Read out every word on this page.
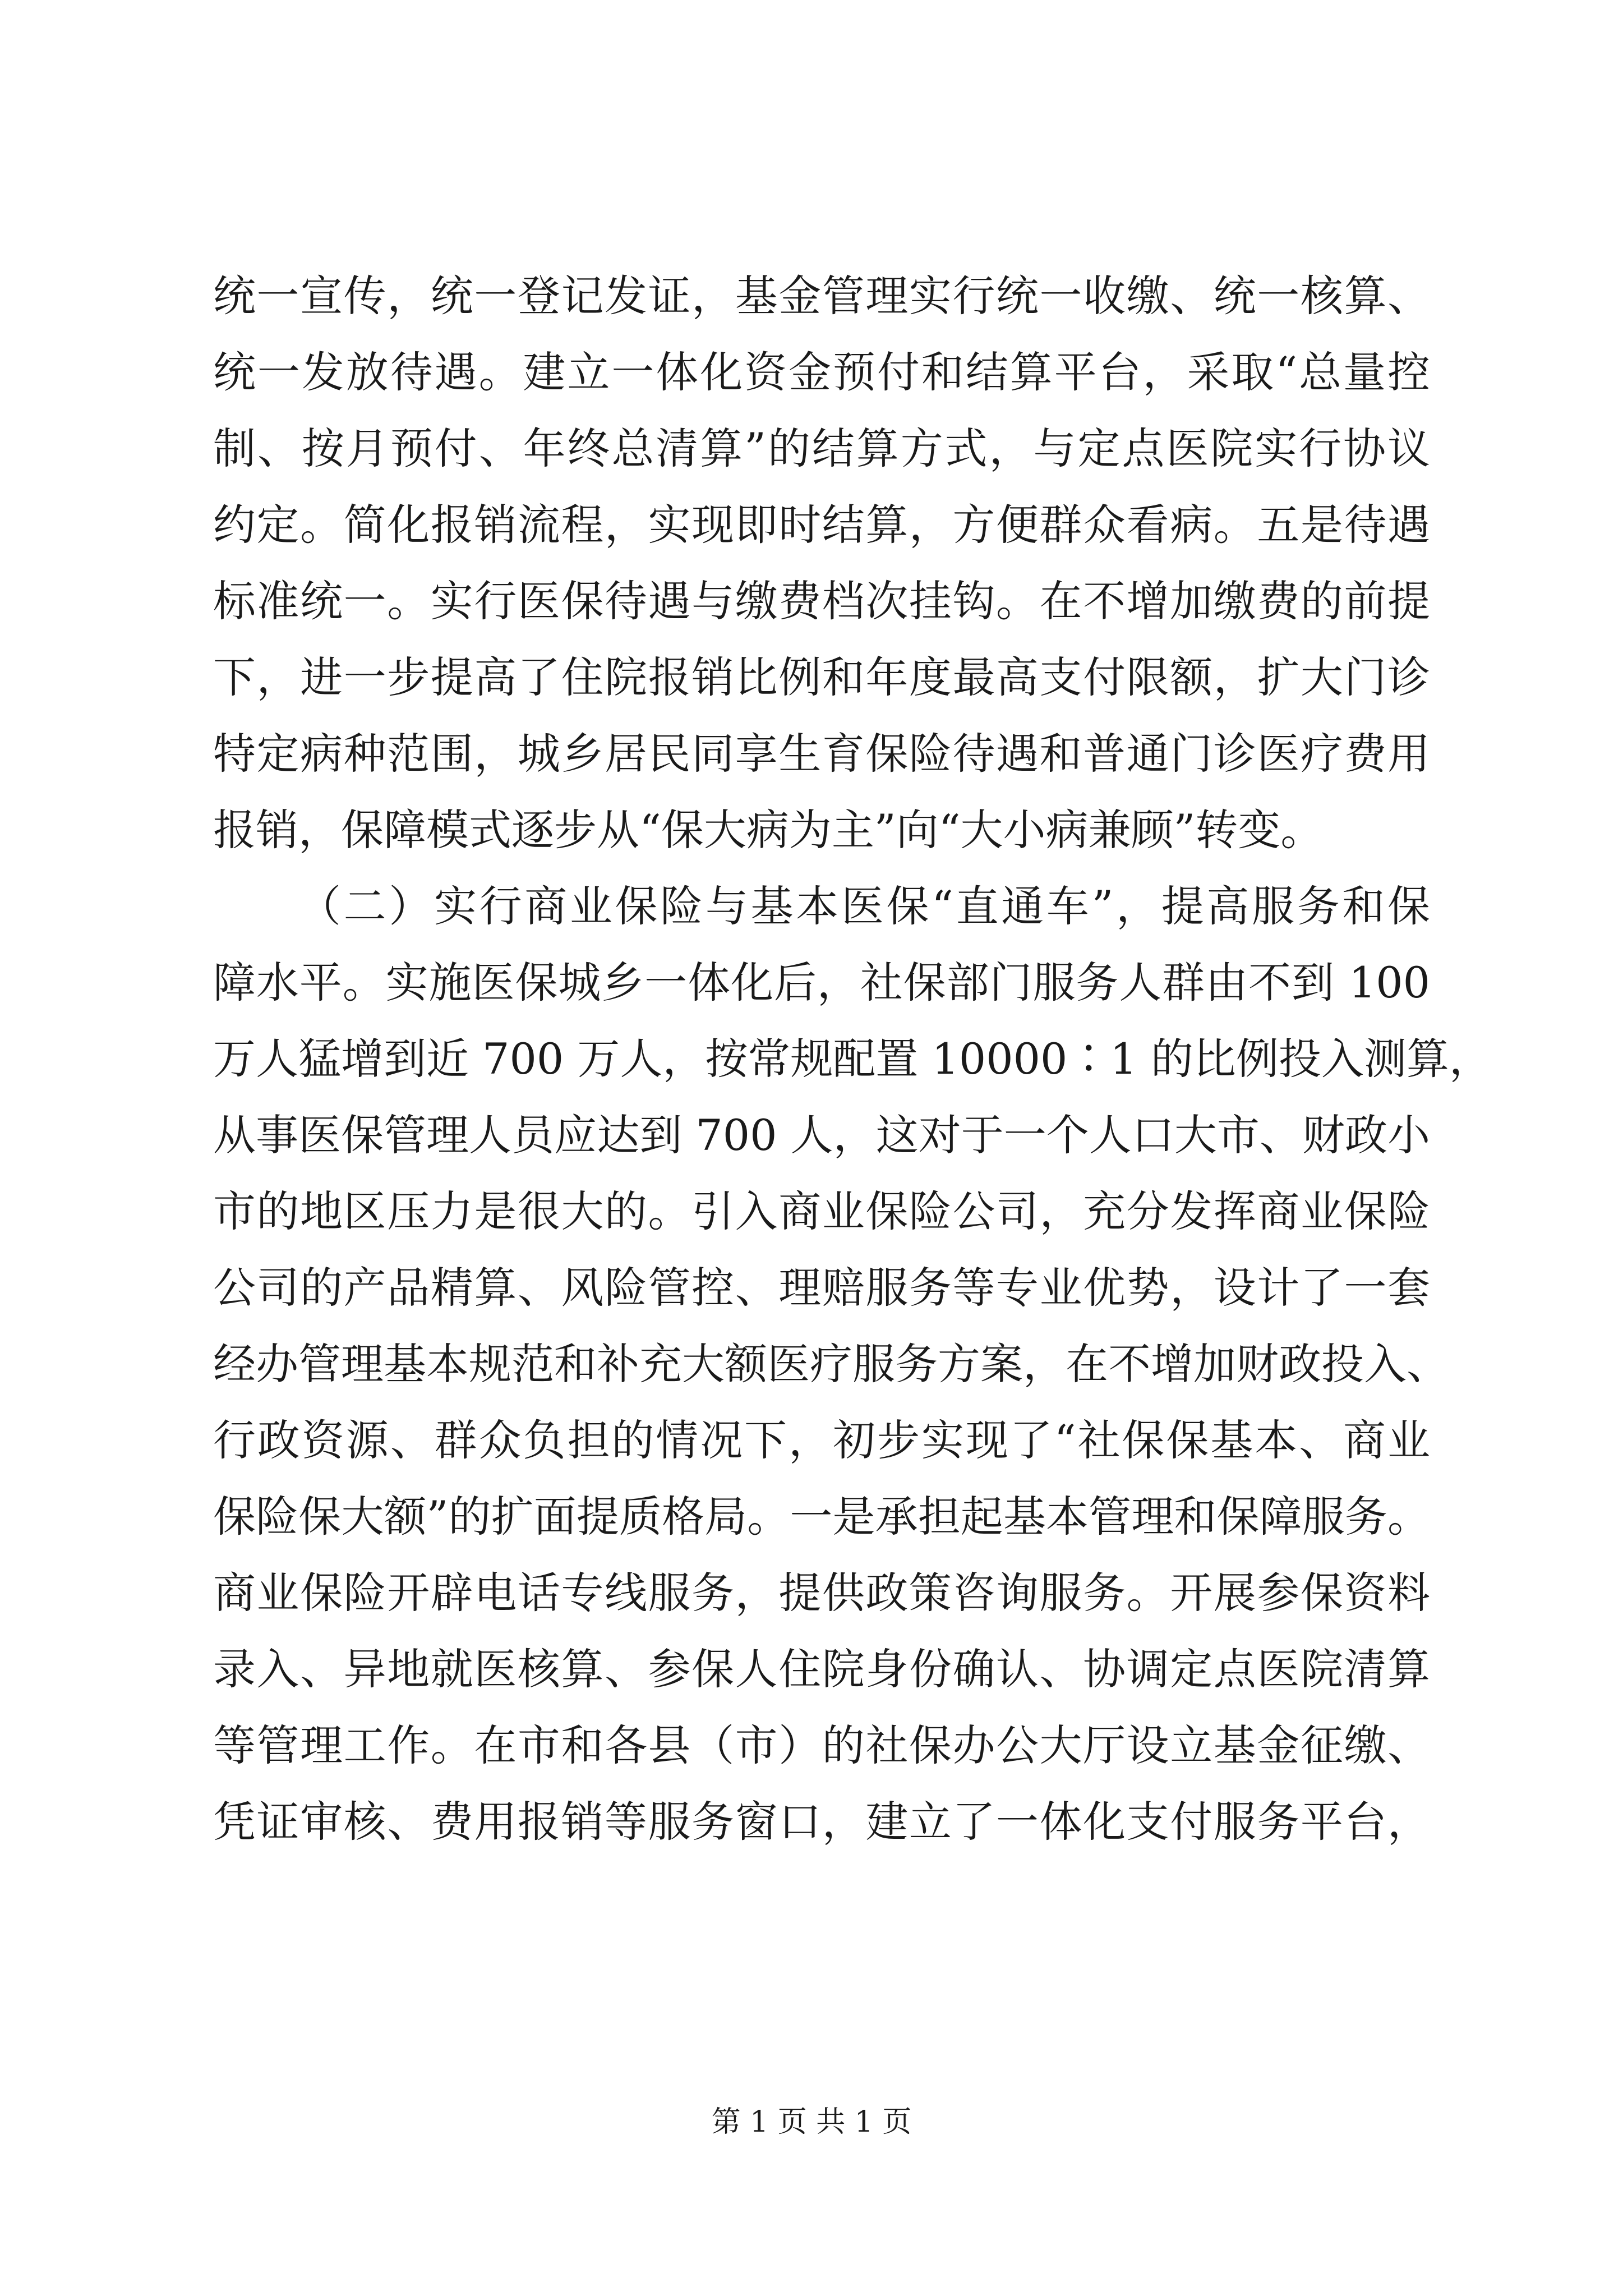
统一宣传，统一登记发证，基金管理实行统一收缴、统一核算、
统一发放待遇。建立一体化资金预付和结算平台，采取“总量控
制、按月预付、年终总清算”的结算方式，与定点医院实行协议
约定。简化报销流程，实现即时结算，方便群众看病。五是待遇
标准统一。实行医保待遇与缴费档次挂钩。在不增加缴费的前提
下，进一步提高了住院报销比例和年度最高支付限额，扩大门诊
特定病种范围，城乡居民同享生育保险待遇和普通门诊医疗费用
报销，保障模式逐步从“保大病为主”向“大小病兼顾”转变。
（二）实行商业保险与基本医保“直通车”，提高服务和保
障水平。实施医保城乡一体化后，社保部门服务人群由不到 100
万人猛增到近 700 万人，按常规配置 10000∶1 的比例投入测算，
从事医保管理人员应达到 700 人，这对于一个人口大市、财政小
市的地区压力是很大的。引入商业保险公司，充分发挥商业保险
公司的产品精算、风险管控、理赔服务等专业优势，设计了一套
经办管理基本规范和补充大额医疗服务方案，在不增加财政投入、
行政资源、群众负担的情况下，初步实现了“社保保基本、商业
保险保大额”的扩面提质格局。一是承担起基本管理和保障服务。
商业保险开辟电话专线服务，提供政策咨询服务。开展参保资料
录入、异地就医核算、参保人住院身份确认、协调定点医院清算
等管理工作。在市和各县（市）的社保办公大厅设立基金征缴、
凭证审核、费用报销等服务窗口，建立了一体化支付服务平台，
第 1 页 共 1 页
